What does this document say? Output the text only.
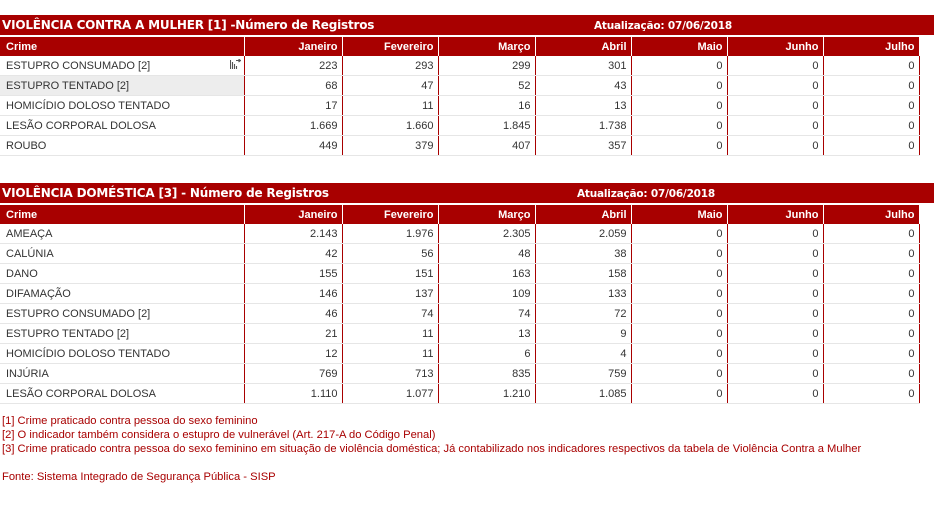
VIOLÊNCIA CONTRA A MULHER [1] -Número de Registros	Atualização: 07/06/2018
Crime	Janeiro	Fevereiro	Março	Abril	Maio	Junho	Julho
ESTUPRO CONSUMADO [2]	223	293	299	301	0	0	0
ESTUPRO TENTADO [2]	68	47	52	43	0	0	0
HOMICÍDIO DOLOSO TENTADO	17	11	16	13	0	0	0
LESÃO CORPORAL DOLOSA	1.669	1.660	1.845	1.738	0	0	0
ROUBO	449	379	407	357	0	0	0
VIOLÊNCIA DOMÉSTICA [3] - Número de Registros	Atualização: 07/06/2018
Crime	Janeiro	Fevereiro	Março	Abril	Maio	Junho	Julho
AMEAÇA	2.143	1.976	2.305	2.059	0	0	0
CALÚNIA	42	56	48	38	0	0	0
DANO	155	151	163	158	0	0	0
DIFAMAÇÃO	146	137	109	133	0	0	0
ESTUPRO CONSUMADO [2]	46	74	74	72	0	0	0
ESTUPRO TENTADO [2]	21	11	13	9	0	0	0
HOMICÍDIO DOLOSO TENTADO	12	11	6	4	0	0	0
INJÚRIA	769	713	835	759	0	0	0
LESÃO CORPORAL DOLOSA	1.110	1.077	1.210	1.085	0	0	0
[1] Crime praticado contra pessoa do sexo feminino
[2] O indicador também considera o estupro de vulnerável (Art. 217-A do Código Penal)
[3] Crime praticado contra pessoa do sexo feminino em situação de violência doméstica; Já contabilizado nos indicadores respectivos da tabela de Violência Contra a Mulher
Fonte: Sistema Integrado de Segurança Pública - SISP
